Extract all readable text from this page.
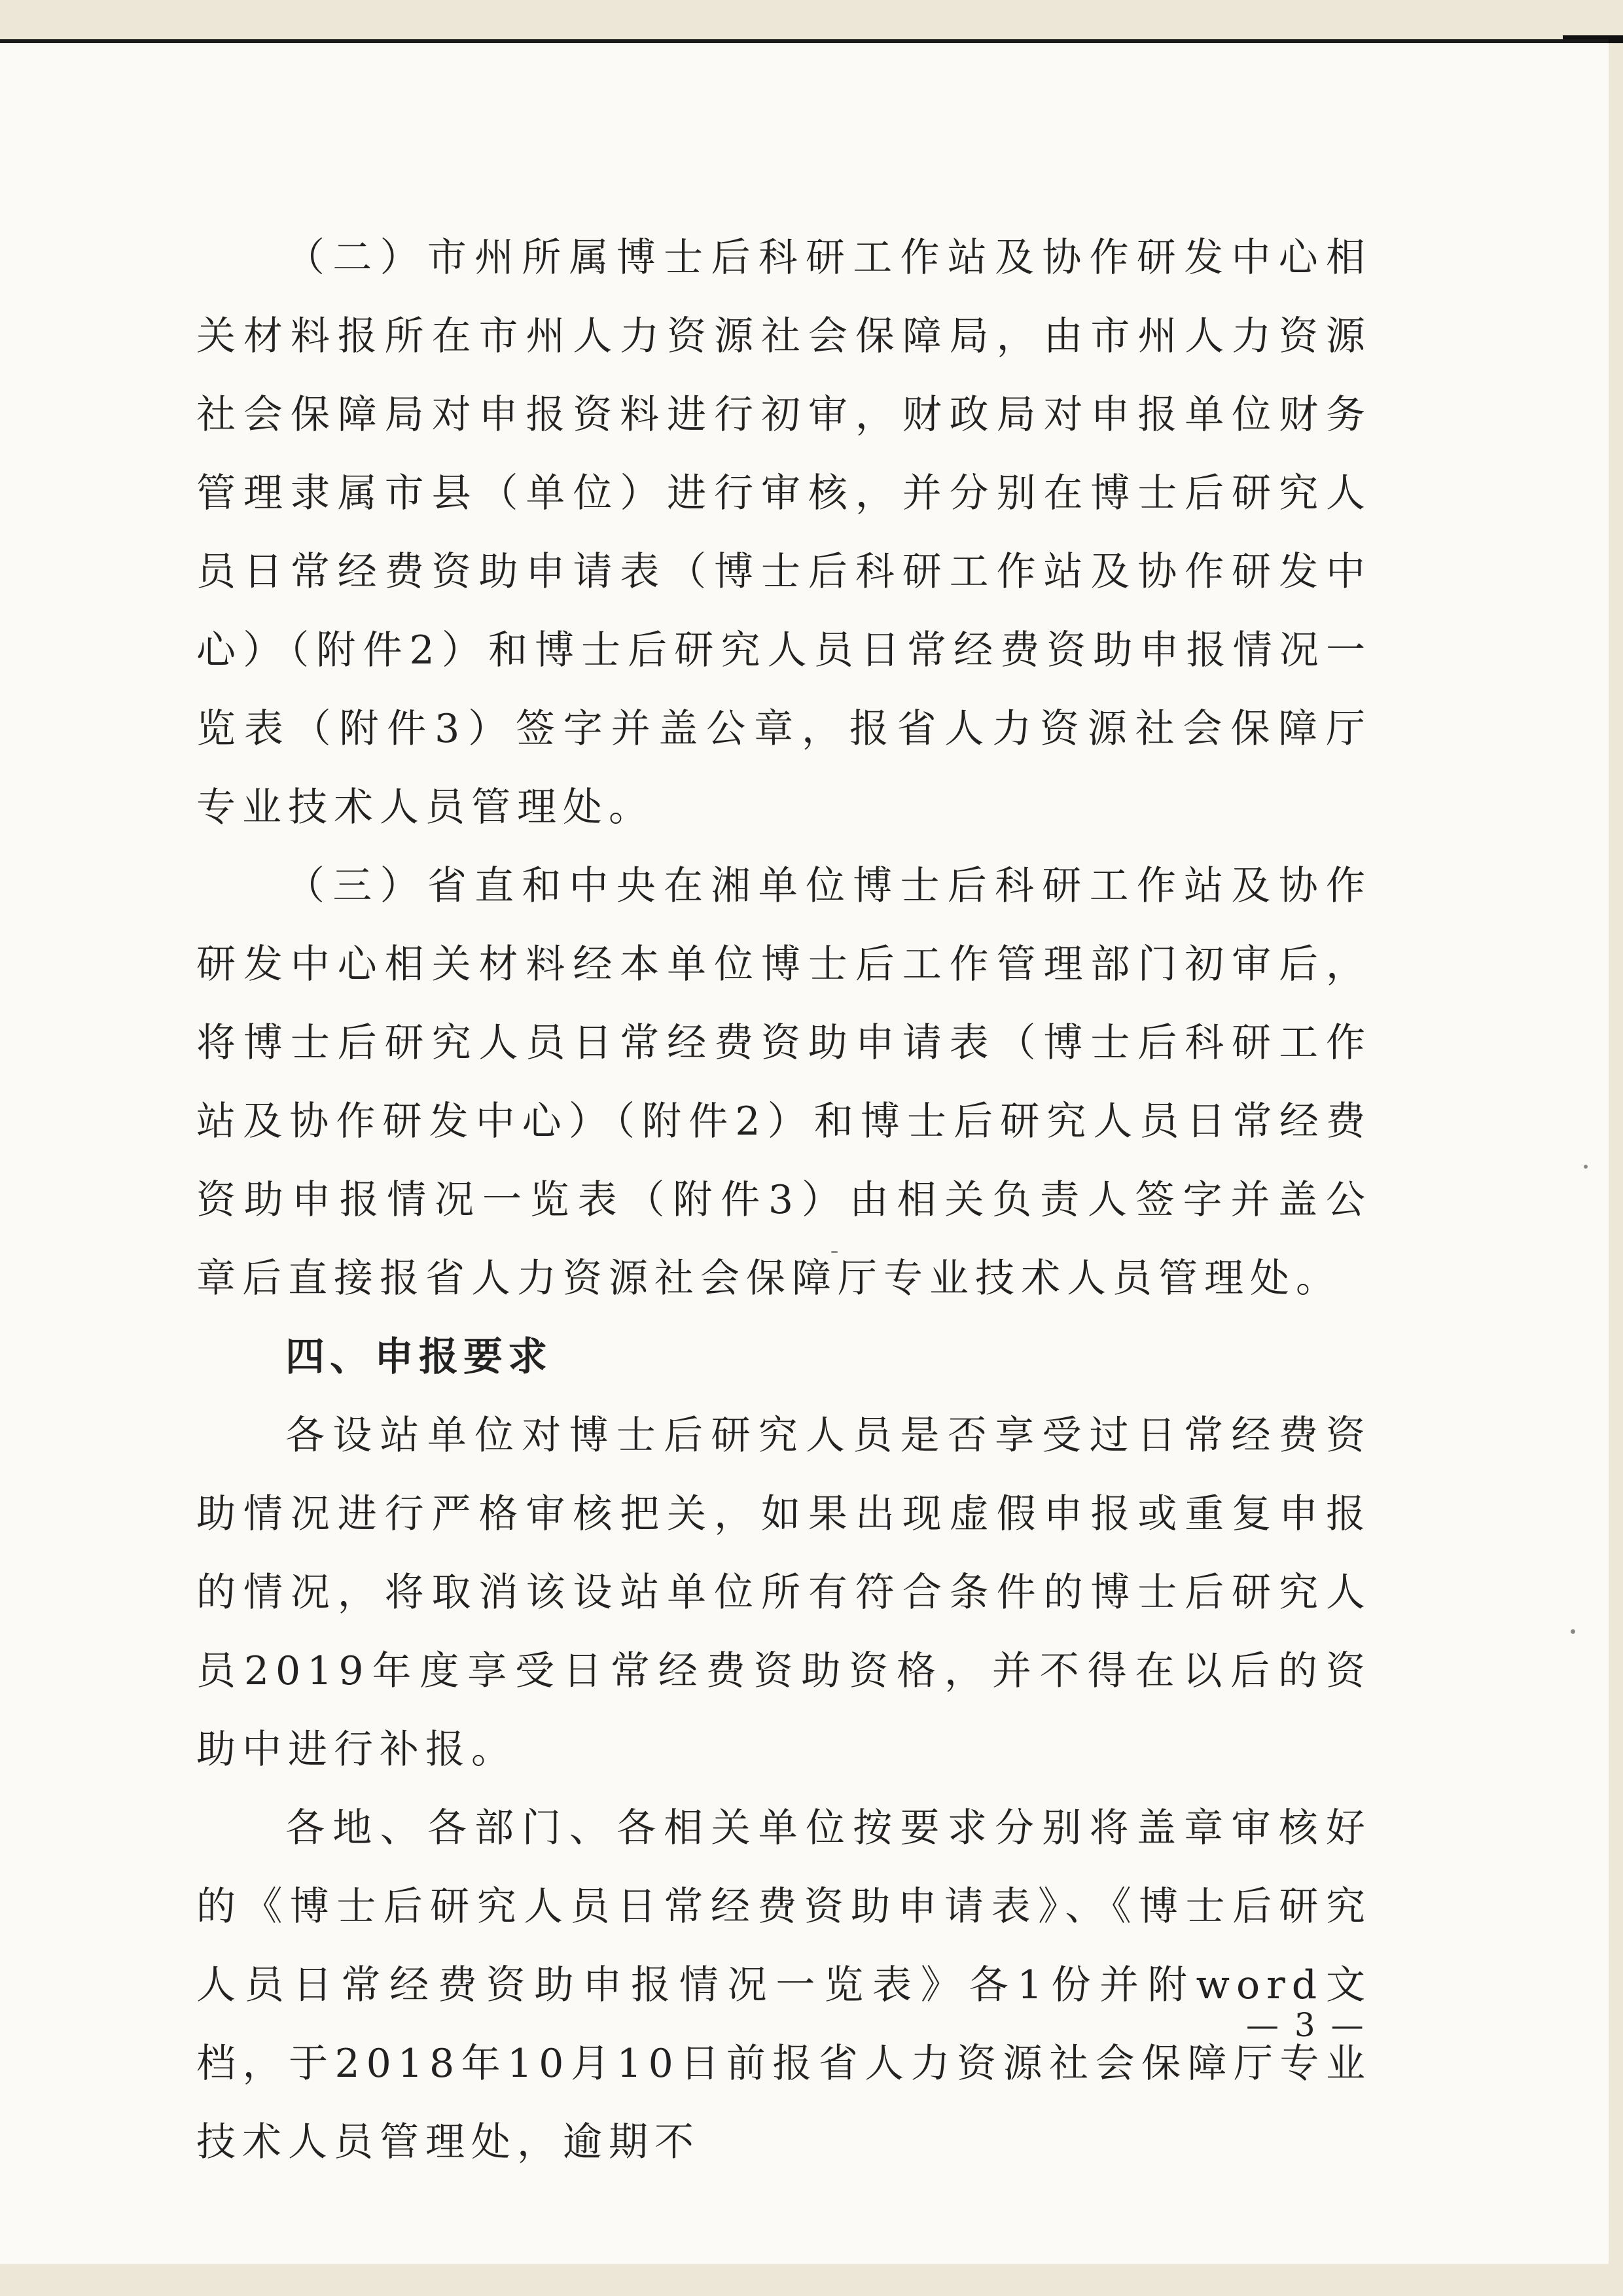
（二）市州所属博士后科研工作站及协作研发中心相关材料报所在市州人力资源社会保障局，由市州人力资源社会保障局对申报资料进行初审，财政局对申报单位财务管理隶属市县（单位）进行审核，并分别在博士后研究人员日常经费资助申请表（博士后科研工作站及协作研发中心）（附件2）和博士后研究人员日常经费资助申报情况一览表（附件3）签字并盖公章，报省人力资源社会保障厅专业技术人员管理处。

（三）省直和中央在湘单位博士后科研工作站及协作研发中心相关材料经本单位博士后工作管理部门初审后，将博士后研究人员日常经费资助申请表（博士后科研工作站及协作研发中心）（附件2）和博士后研究人员日常经费资助申报情况一览表（附件3）由相关负责人签字并盖公章后直接报省人力资源社会保障厅专业技术人员管理处。

四、申报要求

各设站单位对博士后研究人员是否享受过日常经费资助情况进行严格审核把关，如果出现虚假申报或重复申报的情况，将取消该设站单位所有符合条件的博士后研究人员2019年度享受日常经费资助资格，并不得在以后的资助中进行补报。

各地、各部门、各相关单位按要求分别将盖章审核好的《博士后研究人员日常经费资助申请表》、《博士后研究人员日常经费资助申报情况一览表》各1份并附word文档，于2018年10月10日前报省人力资源社会保障厅专业技术人员管理处，逾期不

— 3 —
